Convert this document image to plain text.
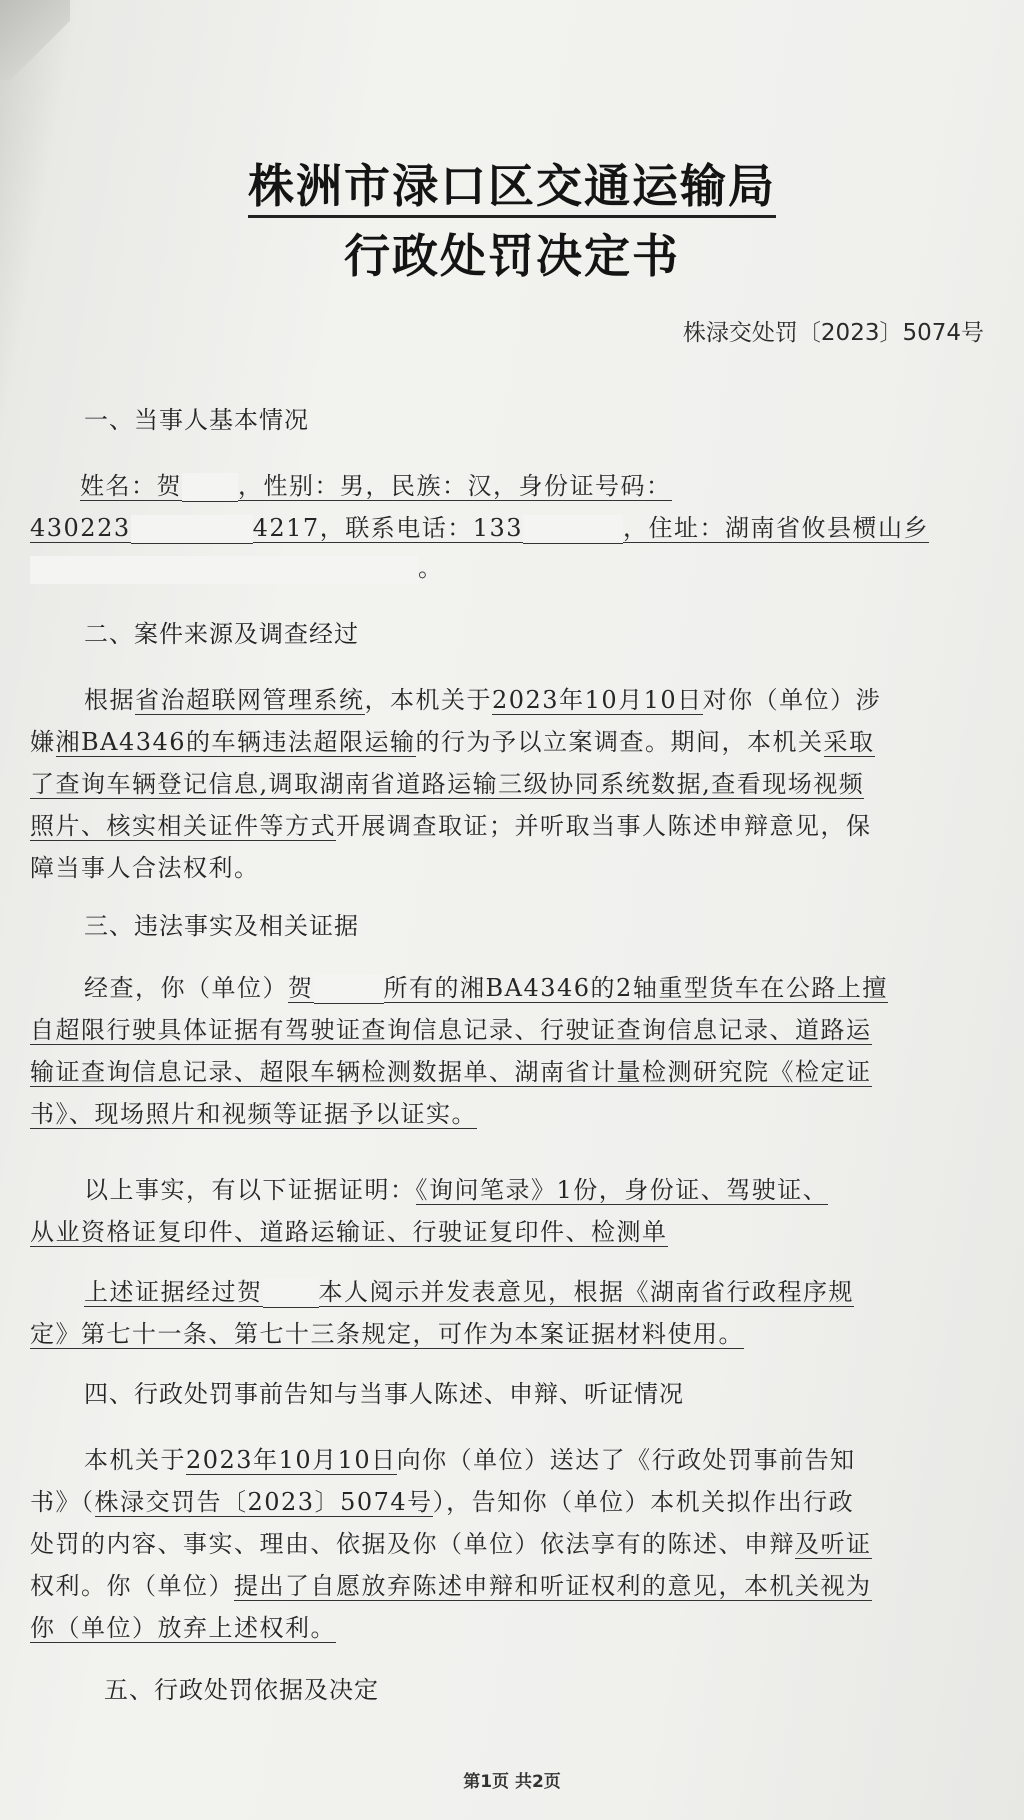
株洲市渌口区交通运输局
行政处罚决定书
株渌交处罚〔2023〕5074号
一、当事人基本情况
姓名：贺 ，性别：男，民族：汉，身份证号码：
430223	4217，联系电话：133	，住址：湖南省攸县槚山乡
。
二、案件来源及调查经过
根据省治超联网管理系统，本机关于2023年10月10日对你（单位）涉
嫌湘BA4346的车辆违法超限运输的行为予以立案调查。期间，本机关采取
了查询车辆登记信息,调取湖南省道路运输三级协同系统数据,查看现场视频
照片、核实相关证件等方式开展调查取证；并听取当事人陈述申辩意见，保
障当事人合法权利。
三、违法事实及相关证据
经查，你（单位）贺	所有的湘BA4346的2轴重型货车在公路上擅
自超限行驶具体证据有驾驶证查询信息记录、行驶证查询信息记录、道路运
输证查询信息记录、超限车辆检测数据单、湖南省计量检测研究院《检定证
书》、现场照片和视频等证据予以证实。
以上事实，有以下证据证明：《询问笔录》1份，身份证、驾驶证、
从业资格证复印件、道路运输证、行驶证复印件、检测单
上述证据经过贺 本人阅示并发表意见，根据《湖南省行政程序规
定》第七十一条、第七十三条规定，可作为本案证据材料使用。
四、行政处罚事前告知与当事人陈述、申辩、听证情况
本机关于2023年10月10日向你（单位）送达了《行政处罚事前告知
书》（株渌交罚告〔2023〕5074号），告知你（单位）本机关拟作出行政
处罚的内容、事实、理由、依据及你（单位）依法享有的陈述、申辩及听证
权利。你（单位）提出了自愿放弃陈述申辩和听证权利的意见，本机关视为
你（单位）放弃上述权利。
五、行政处罚依据及决定
第1页 共2页
